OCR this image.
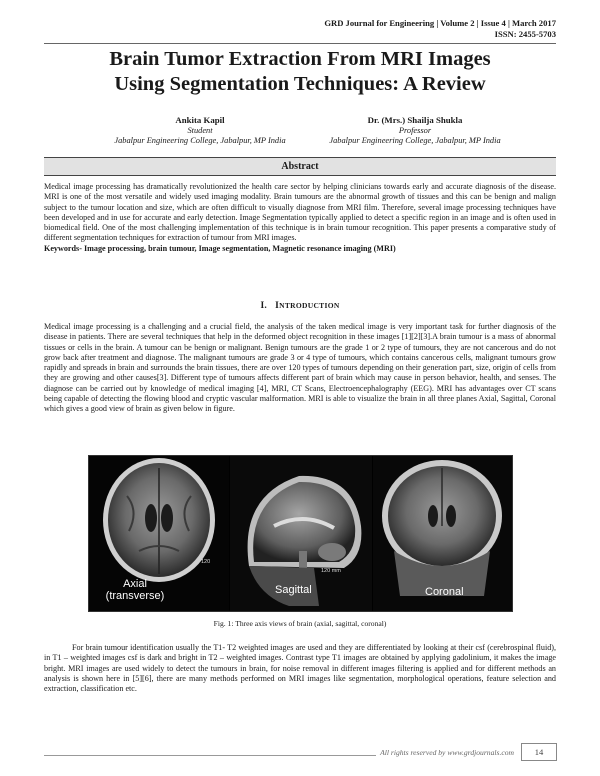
GRD Journal for Engineering | Volume 2 | Issue 4 | March 2017
ISSN: 2455-5703
Brain Tumor Extraction From MRI Images
Using Segmentation Techniques: A Review
Ankita Kapil
Student
Jabalpur Engineering College, Jabalpur, MP India
Dr. (Mrs.) Shailja Shukla
Professor
Jabalpur Engineering College, Jabalpur, MP India
Abstract
Medical image processing has dramatically revolutionized the health care sector by helping clinicians towards early and accurate diagnosis of the disease. MRI is one of the most versatile and widely used imaging modality. Brain tumours are the abnormal growth of tissues and this can be benign and malign subject to the tumour location and size, which are often difficult to visually diagnose from MRI film. Therefore, several image processing techniques have been developed and in use for accurate and early detection. Image Segmentation typically applied to detect a specific region in an image and is often used in biomedical field. One of the most challenging implementation of this technique is in brain tumour recognition. This paper presents a comparative study of different segmentation techniques for extraction of tumour from MRI images.
Keywords- Image processing, brain tumour, Image segmentation, Magnetic resonance imaging (MRI)
I. INTRODUCTION
Medical image processing is a challenging and a crucial field, the analysis of the taken medical image is very important task for further diagnosis of the disease in patients. There are several techniques that help in the deformed object recognition in these images [1][2][3].A brain tumour is a mass of abnormal tissues or cells in the brain. A tumour can be benign or malignant. Benign tumours are the grade 1 or 2 type of tumours, they are not cancerous and do not grow back after treatment and diagnose. The malignant tumours are grade 3 or 4 type of tumours, which contains cancerous cells, malignant tumours grow rapidly and spreads in brain and surrounds the brain tissues, there are over 120 types of tumours depending on their generation part, size, origin of cells from they are growing and other causes[3]. Different type of tumours affects different part of brain which may cause in person behavior, health, and senses. The diagnose can be carried out by knowledge of medical imaging [4], MRI, CT Scans, Electroencephalography (EEG). MRI has advantages over CT scans being capable of detecting the flowing blood and cryptic vascular malformation. MRI is able to visualize the brain in all three planes Axial, Sagittal, Coronal which gives a good view of brain as given below in figure.
Axial
(transverse)
120
Sagittal
120 mm
Coronal
Fig. 1: Three axis views of brain (axial, sagittal, coronal)
For brain tumour identification usually the T1- T2 weighted images are used and they are differentiated by looking at their csf (cerebrospinal fluid), in T1 – weighted images csf is dark and bright in T2 – weighted images. Contrast type T1 images are obtained by applying gadolinium, it makes the image bright. MRI images are used widely to detect the tumours in brain, for noise removal in different images filtering is applied and for different methods an analysis is shown here in [5][6], there are many methods performed on MRI images like segmentation, morphological operations, feature selection and extraction, classification etc.
All rights reserved by www.grdjournals.com	14
